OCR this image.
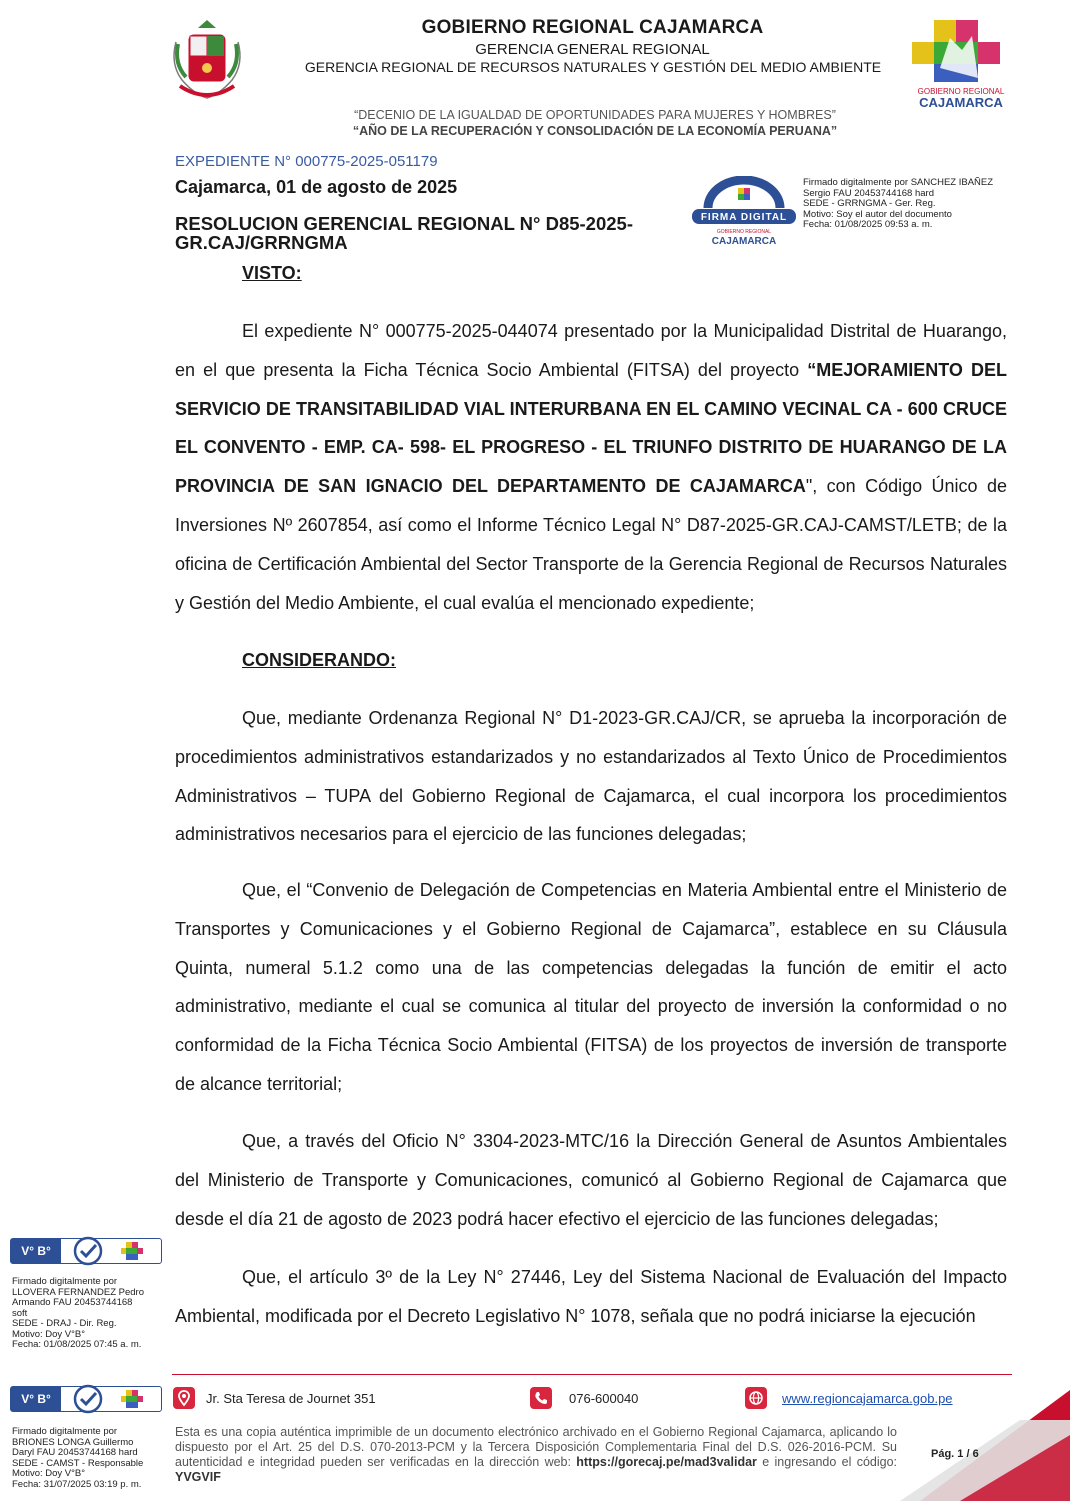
GOBIERNO REGIONAL CAJAMARCA
GERENCIA GENERAL REGIONAL
GERENCIA REGIONAL DE RECURSOS NATURALES Y GESTIÓN DEL MEDIO AMBIENTE
GOBIERNO REGIONAL
CAJAMARCA
“DECENIO DE LA IGUALDAD DE OPORTUNIDADES PARA MUJERES Y HOMBRES”
“AÑO DE LA RECUPERACIÓN Y CONSOLIDACIÓN DE LA ECONOMÍA PERUANA”
EXPEDIENTE N° 000775-2025-051179
Cajamarca, 01 de agosto de 2025
RESOLUCION GERENCIAL REGIONAL N° D85-2025-GR.CAJ/GRRNGMA
FIRMA DIGITAL
GOBIERNO REGIONAL
CAJAMARCA
Firmado digitalmente por SANCHEZ IBAÑEZ
Sergio FAU 20453744168 hard
SEDE - GRRNGMA - Ger. Reg.
Motivo: Soy el autor del documento
Fecha: 01/08/2025 09:53 a. m.
VISTO:
El expediente N° 000775-2025-044074 presentado por la Municipalidad Distrital de Huarango, en el que presenta la Ficha Técnica Socio Ambiental (FITSA) del proyecto “MEJORAMIENTO DEL SERVICIO DE TRANSITABILIDAD VIAL INTERURBANA EN EL CAMINO VECINAL CA - 600 CRUCE EL CONVENTO - EMP. CA- 598- EL PROGRESO - EL TRIUNFO DISTRITO DE HUARANGO DE LA PROVINCIA DE SAN IGNACIO DEL DEPARTAMENTO DE CAJAMARCA", con Código Único de Inversiones Nº 2607854, así como el Informe Técnico Legal N° D87-2025-GR.CAJ-CAMST/LETB; de la oficina de Certificación Ambiental del Sector Transporte de la Gerencia Regional de Recursos Naturales y Gestión del Medio Ambiente, el cual evalúa el mencionado expediente;
CONSIDERANDO:
Que, mediante Ordenanza Regional N° D1-2023-GR.CAJ/CR, se aprueba la incorporación de procedimientos administrativos estandarizados y no estandarizados al Texto Único de Procedimientos Administrativos – TUPA del Gobierno Regional de Cajamarca, el cual incorpora los procedimientos administrativos necesarios para el ejercicio de las funciones delegadas;
Que, el “Convenio de Delegación de Competencias en Materia Ambiental entre el Ministerio de Transportes y Comunicaciones y el Gobierno Regional de Cajamarca”, establece en su Cláusula Quinta, numeral 5.1.2 como una de las competencias delegadas la función de emitir el acto administrativo, mediante el cual se comunica al titular del proyecto de inversión la conformidad o no conformidad de la Ficha Técnica Socio Ambiental (FITSA) de los proyectos de inversión de transporte de alcance territorial;
Que, a través del Oficio N° 3304-2023-MTC/16 la Dirección General de Asuntos Ambientales del Ministerio de Transporte y Comunicaciones, comunicó al Gobierno Regional de Cajamarca que desde el día 21 de agosto de 2023 podrá hacer efectivo el ejercicio de las funciones delegadas;
Que, el artículo 3º de la Ley N° 27446, Ley del Sistema Nacional de Evaluación del Impacto Ambiental, modificada por el Decreto Legislativo N° 1078, señala que no podrá iniciarse la ejecución
V° B°
Firmado digitalmente por
LLOVERA FERNANDEZ Pedro
Armando FAU 20453744168
soft
SEDE - DRAJ - Dir. Reg.
Motivo: Doy V°B°
Fecha: 01/08/2025 07:45 a. m.
V° B°
Firmado digitalmente por
BRIONES LONGA Guillermo
Daryl FAU 20453744168 hard
SEDE - CAMST - Responsable
Motivo: Doy V°B°
Fecha: 31/07/2025 03:19 p. m.
Jr. Sta Teresa de Journet 351	076-600040	www.regioncajamarca.gob.pe
Esta es una copia auténtica imprimible de un documento electrónico archivado en el Gobierno Regional Cajamarca, aplicando lo dispuesto por el Art. 25 del D.S. 070-2013-PCM y la Tercera Disposición Complementaria Final del D.S. 026-2016-PCM. Su autenticidad e integridad pueden ser verificadas en la dirección web: https://gorecaj.pe/mad3validar e ingresando el código: YVGVIF
Pág. 1 / 6
